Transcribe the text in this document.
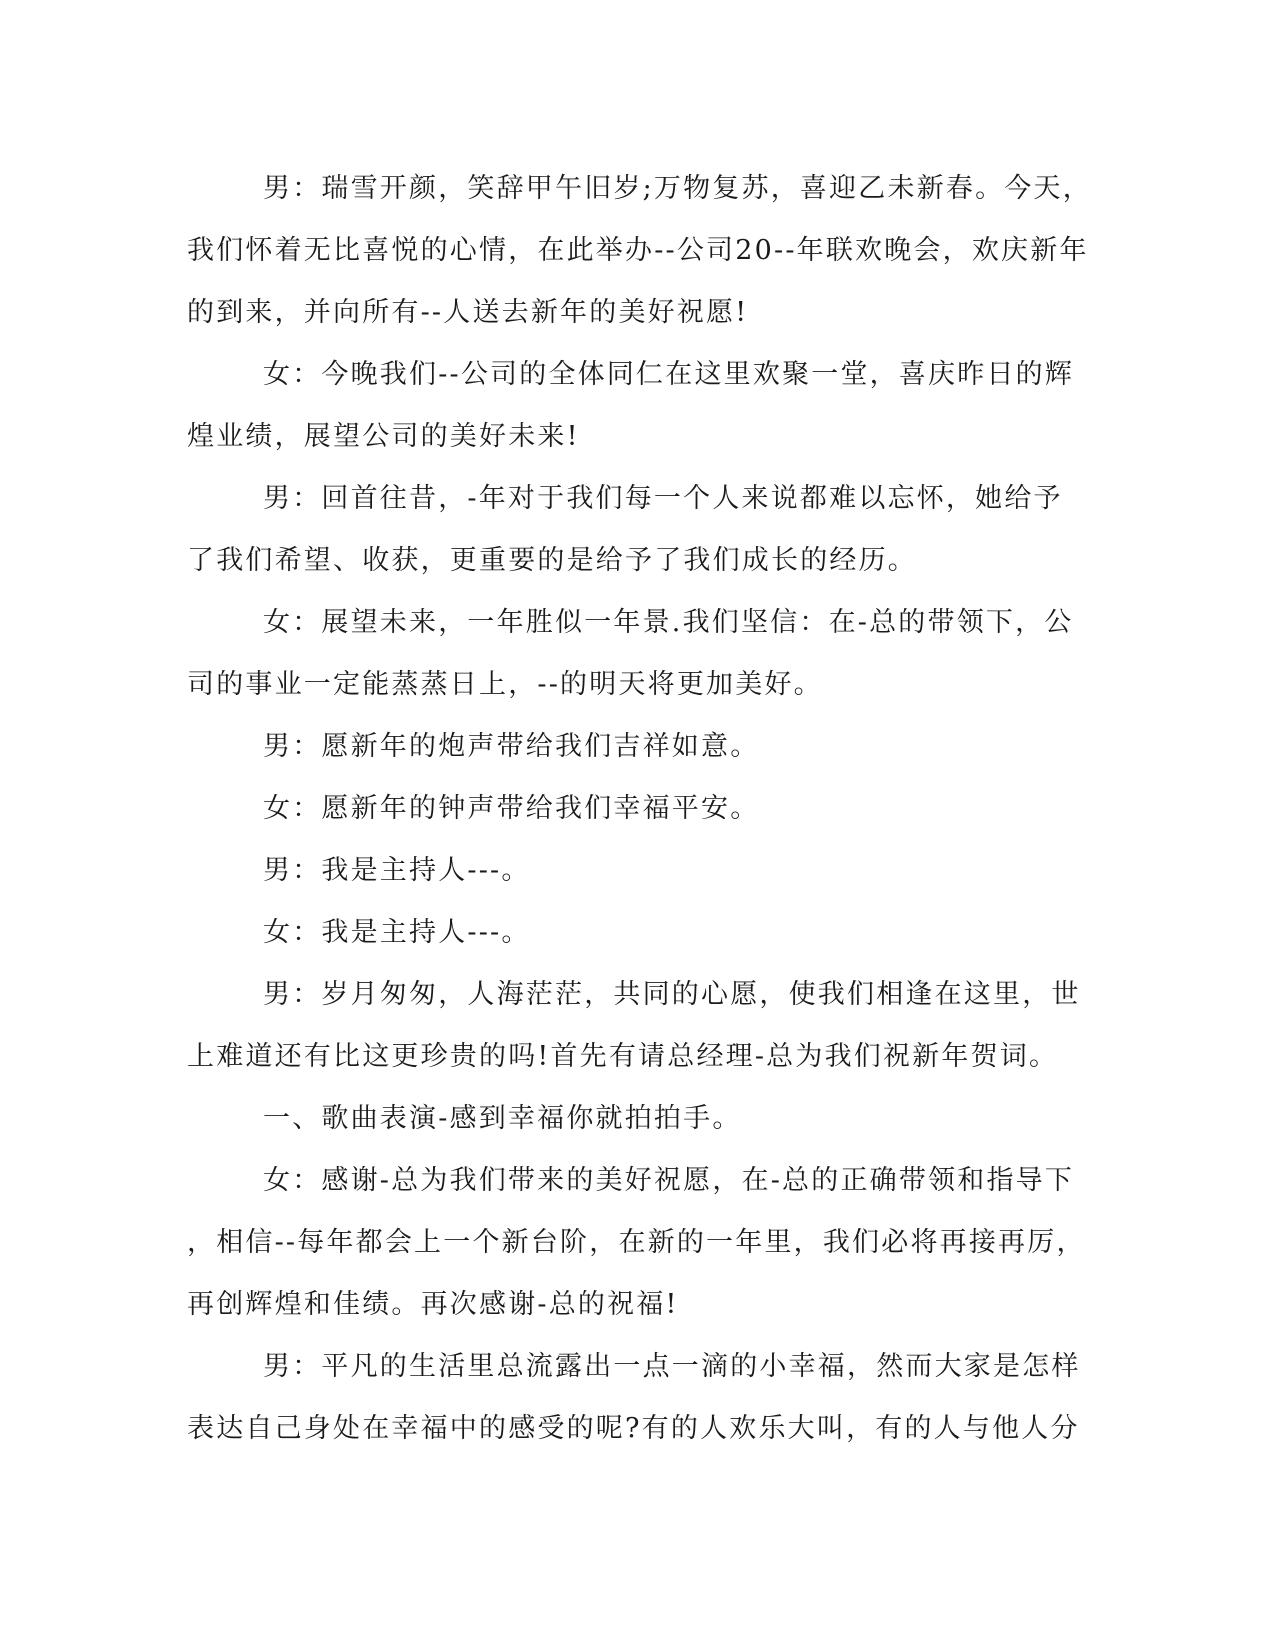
男：瑞雪开颜，笑辞甲午旧岁;万物复苏，喜迎乙未新春。今天，
我们怀着无比喜悦的心情，在此举办--公司20--年联欢晚会，欢庆新年
的到来，并向所有--人送去新年的美好祝愿!
女：今晚我们--公司的全体同仁在这里欢聚一堂，喜庆昨日的辉
煌业绩，展望公司的美好未来!
男：回首往昔，-年对于我们每一个人来说都难以忘怀，她给予
了我们希望、收获，更重要的是给予了我们成长的经历。
女：展望未来，一年胜似一年景.我们坚信：在-总的带领下，公
司的事业一定能蒸蒸日上，--的明天将更加美好。
男：愿新年的炮声带给我们吉祥如意。
女：愿新年的钟声带给我们幸福平安。
男：我是主持人---。
女：我是主持人---。
男：岁月匆匆，人海茫茫，共同的心愿，使我们相逢在这里，世
上难道还有比这更珍贵的吗!首先有请总经理-总为我们祝新年贺词。
一、歌曲表演-感到幸福你就拍拍手。
女：感谢-总为我们带来的美好祝愿，在-总的正确带领和指导下
，相信--每年都会上一个新台阶，在新的一年里，我们必将再接再厉，
再创辉煌和佳绩。再次感谢-总的祝福!
男：平凡的生活里总流露出一点一滴的小幸福，然而大家是怎样
表达自己身处在幸福中的感受的呢?有的人欢乐大叫，有的人与他人分
